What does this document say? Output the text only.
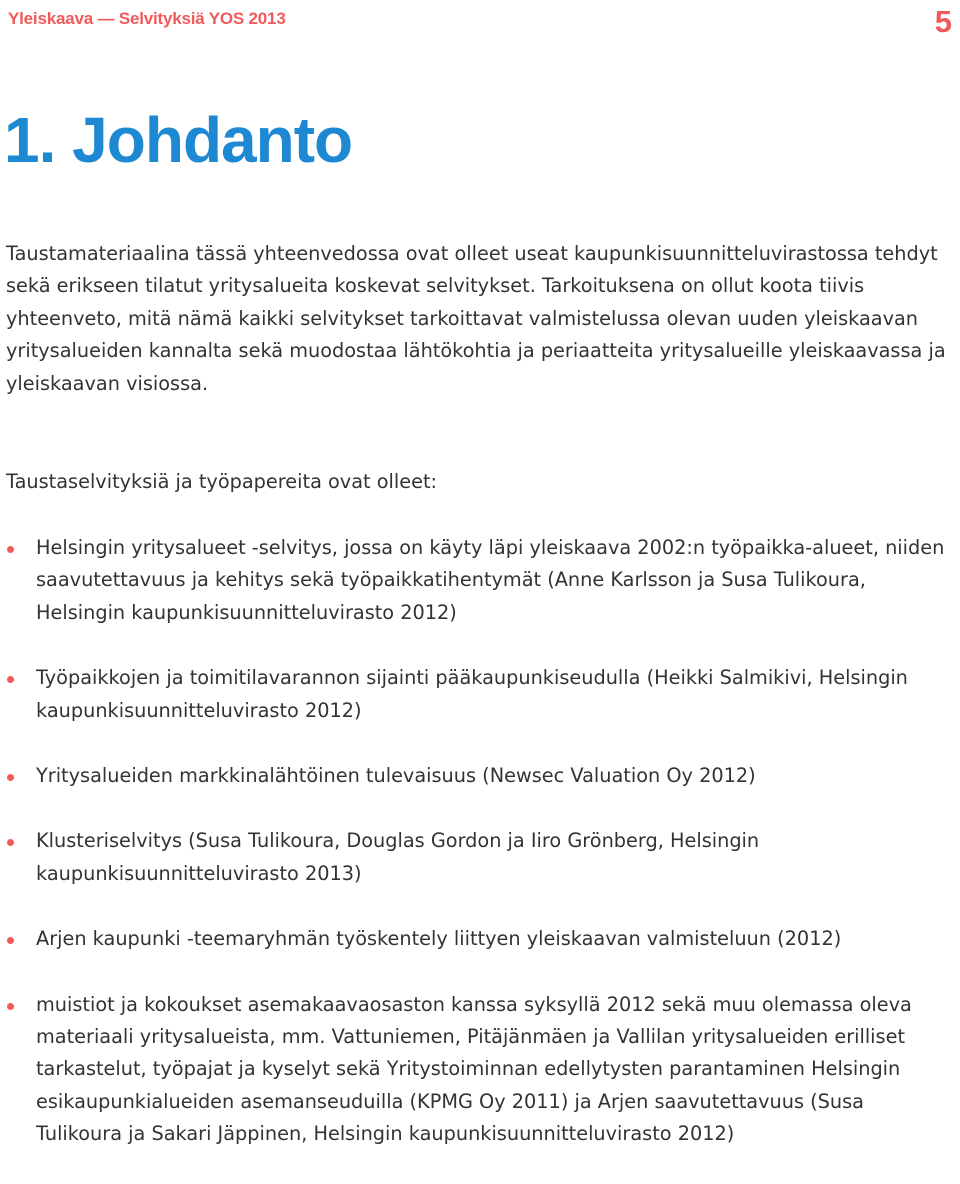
Yleiskaava — Selvityksiä YOS 2013	5
1. Johdanto

Taustamateriaalina tässä yhteenvedossa ovat olleet useat kaupunkisuunnitteluvirastossa tehdyt sekä erikseen tilatut yritysalueita koskevat selvitykset. Tarkoituksena on ollut koota tiivis yhteenveto, mitä nämä kaikki selvitykset tarkoittavat valmistelussa olevan uuden yleiskaavan yritysalueiden kannalta sekä muodostaa lähtökohtia ja periaatteita yritysalueille yleiskaavassa ja yleiskaavan visiossa.

Taustaselvityksiä ja työpapereita ovat olleet:

Helsingin yritysalueet -selvitys, jossa on käyty läpi yleiskaava 2002:n työpaikka-alueet, niiden saavutettavuus ja kehitys sekä työpaikkatihentymät (Anne Karlsson ja Susa Tulikoura, Helsingin kaupunkisuunnitteluvirasto 2012)
Työpaikkojen ja toimitilavarannon sijainti pääkaupunkiseudulla (Heikki Salmikivi, Helsingin kaupunkisuunnitteluvirasto 2012)
Yritysalueiden markkinalähtöinen tulevaisuus (Newsec Valuation Oy 2012)
Klusteriselvitys (Susa Tulikoura, Douglas Gordon ja Iiro Grönberg, Helsingin kaupunkisuunnitteluvirasto 2013)
Arjen kaupunki -teemaryhmän työskentely liittyen yleiskaavan valmisteluun (2012)
muistiot ja kokoukset asemakaavaosaston kanssa syksyllä 2012 sekä muu olemassa oleva materiaali yritysalueista, mm. Vattuniemen, Pitäjänmäen ja Vallilan yritysalueiden erilliset tarkastelut, työpajat ja kyselyt sekä Yritystoiminnan edellytysten parantaminen Helsingin esikaupunkialueiden asemanseuduilla (KPMG Oy 2011) ja Arjen saavutettavuus (Susa Tulikoura ja Sakari Jäppinen, Helsingin kaupunkisuunnitteluvirasto 2012)
